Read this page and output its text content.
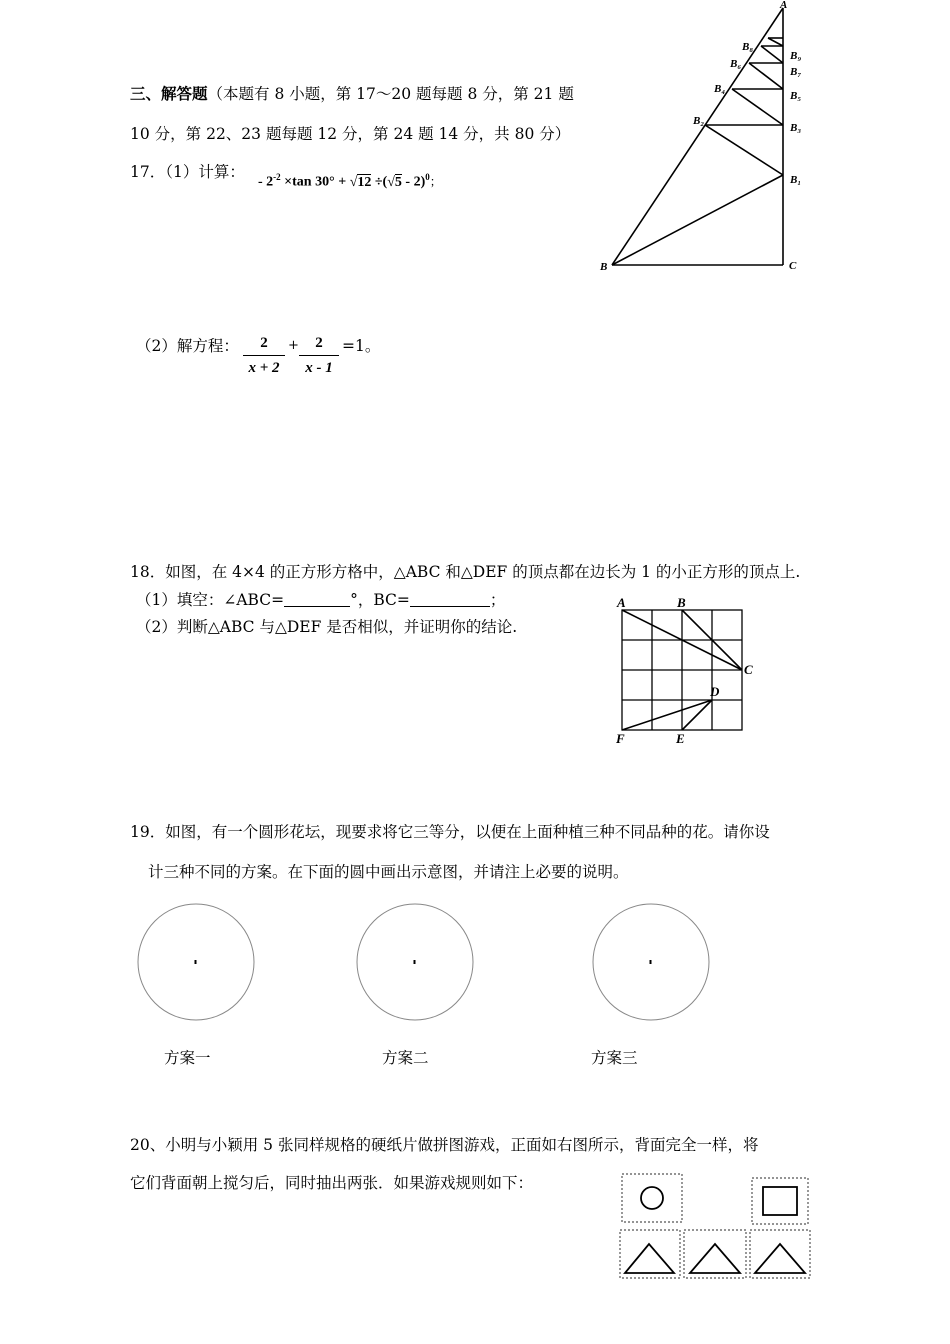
三、解答题（本题有 8 小题，第 17～20 题每题 8 分，第 21 题
10 分，第 22、23 题每题 12 分，第 24 题 14 分，共 80 分）
17．（1）计算：
- $2^{-2} \times\tan$ 30° + √12 ÷(√5 - 2)$^0$；
（2）解方程：	2
x + 2
+	2
x - 1
=1。
A
B₈
B₉
B₆
B₇
B₄
B₅
B₂
B₃
B₁
B	C
18．如图，在 4×4 的正方形方格中，△ABC 和△DEF 的顶点都在边长为 1 的小正方形的顶点上.
（1）填空：∠ABC=	°，BC=	；
（2）判断△ABC 与△DEF 是否相似，并证明你的结论.
A	B
C
D
E
F
19．如图，有一个圆形花坛，现要求将它三等分，以便在上面种植三种不同品种的花。请你设
计三种不同的方案。在下面的圆中画出示意图，并请注上必要的说明。
方案一	方案二	方案三
20、小明与小颖用 5 张同样规格的硬纸片做拼图游戏，正面如右图所示，背面完全一样，将
它们背面朝上搅匀后，同时抽出两张．如果游戏规则如下：
